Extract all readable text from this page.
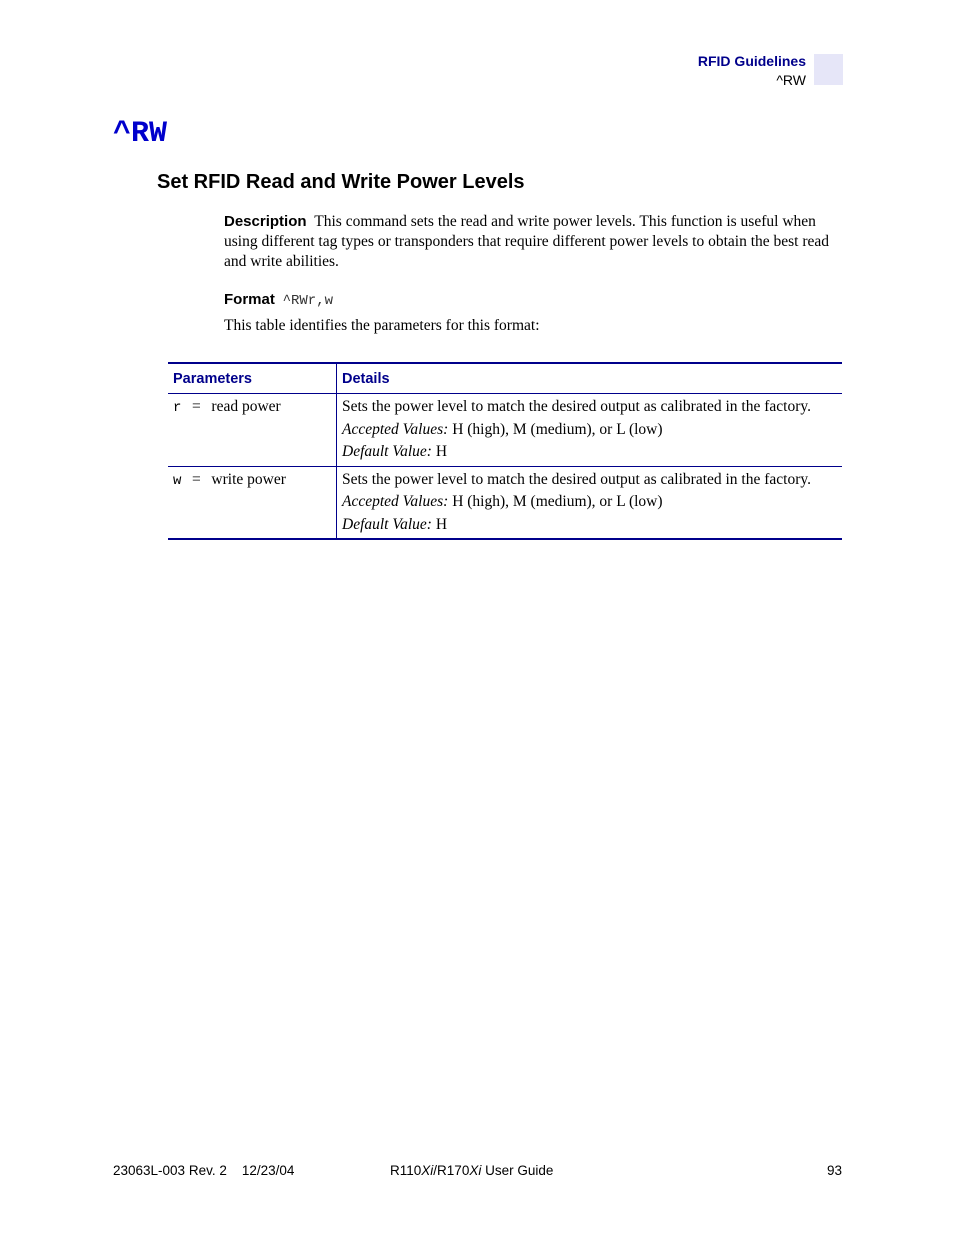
RFID Guidelines
^RW
^RW
Set RFID Read and Write Power Levels

Description This command sets the read and write power levels. This function is useful when using different tag types or transponders that require different power levels to obtain the best read and write abilities.

Format ^RWr,w

This table identifies the parameters for this format:

Parameters	Details
r = read power	Sets the power level to match the desired output as calibrated in the factory.
Accepted Values: H (high), M (medium), or L (low)
Default Value: H

w = write power	Sets the power level to match the desired output as calibrated in the factory.
Accepted Values: H (high), M (medium), or L (low)
Default Value: H

23063L-003 Rev. 2    12/23/04	R110Xi/R170Xi User Guide	93
